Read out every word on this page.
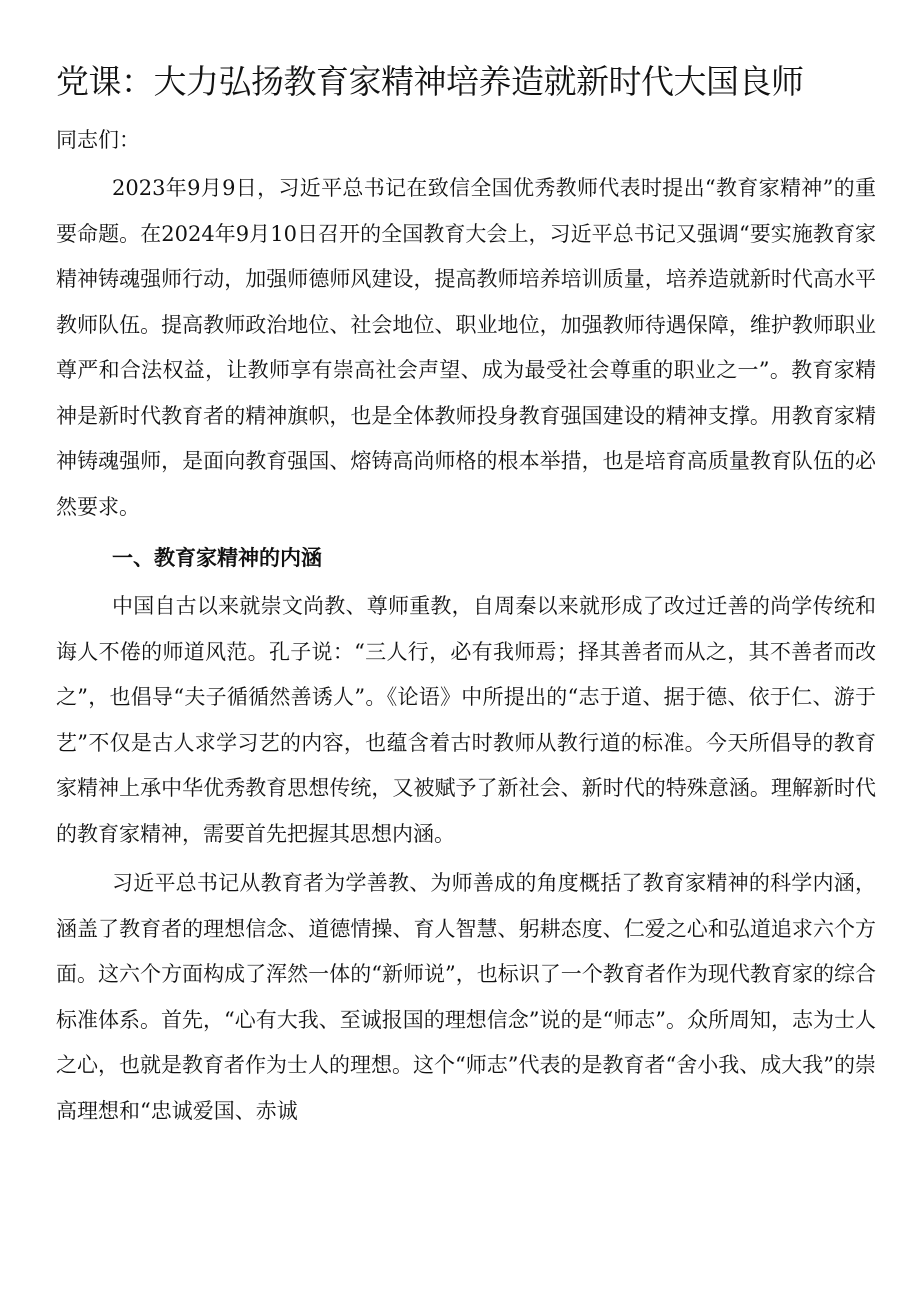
党课：大力弘扬教育家精神培养造就新时代大国良师
同志们：

2023年9月9日，习近平总书记在致信全国优秀教师代表时提出“教育家精神”的重要命题。在2024年9月10日召开的全国教育大会上，习近平总书记又强调“要实施教育家精神铸魂强师行动，加强师德师风建设，提高教师培养培训质量，培养造就新时代高水平教师队伍。提高教师政治地位、社会地位、职业地位，加强教师待遇保障，维护教师职业尊严和合法权益，让教师享有崇高社会声望、成为最受社会尊重的职业之一”。教育家精神是新时代教育者的精神旗帜，也是全体教师投身教育强国建设的精神支撑。用教育家精神铸魂强师，是面向教育强国、熔铸高尚师格的根本举措，也是培育高质量教育队伍的必然要求。

一、教育家精神的内涵

中国自古以来就崇文尚教、尊师重教，自周秦以来就形成了改过迁善的尚学传统和诲人不倦的师道风范。孔子说：“三人行，必有我师焉；择其善者而从之，其不善者而改之”，也倡导“夫子循循然善诱人”。《论语》中所提出的“志于道、据于德、依于仁、游于艺”不仅是古人求学习艺的内容，也蕴含着古时教师从教行道的标准。今天所倡导的教育家精神上承中华优秀教育思想传统，又被赋予了新社会、新时代的特殊意涵。理解新时代的教育家精神，需要首先把握其思想内涵。

习近平总书记从教育者为学善教、为师善成的角度概括了教育家精神的科学内涵，涵盖了教育者的理想信念、道德情操、育人智慧、躬耕态度、仁爱之心和弘道追求六个方面。这六个方面构成了浑然一体的“新师说”，也标识了一个教育者作为现代教育家的综合标准体系。首先，“心有大我、至诚报国的理想信念”说的是“师志”。众所周知，志为士人之心，也就是教育者作为士人的理想。这个“师志”代表的是教育者“舍小我、成大我”的崇高理想和“忠诚爱国、赤诚
